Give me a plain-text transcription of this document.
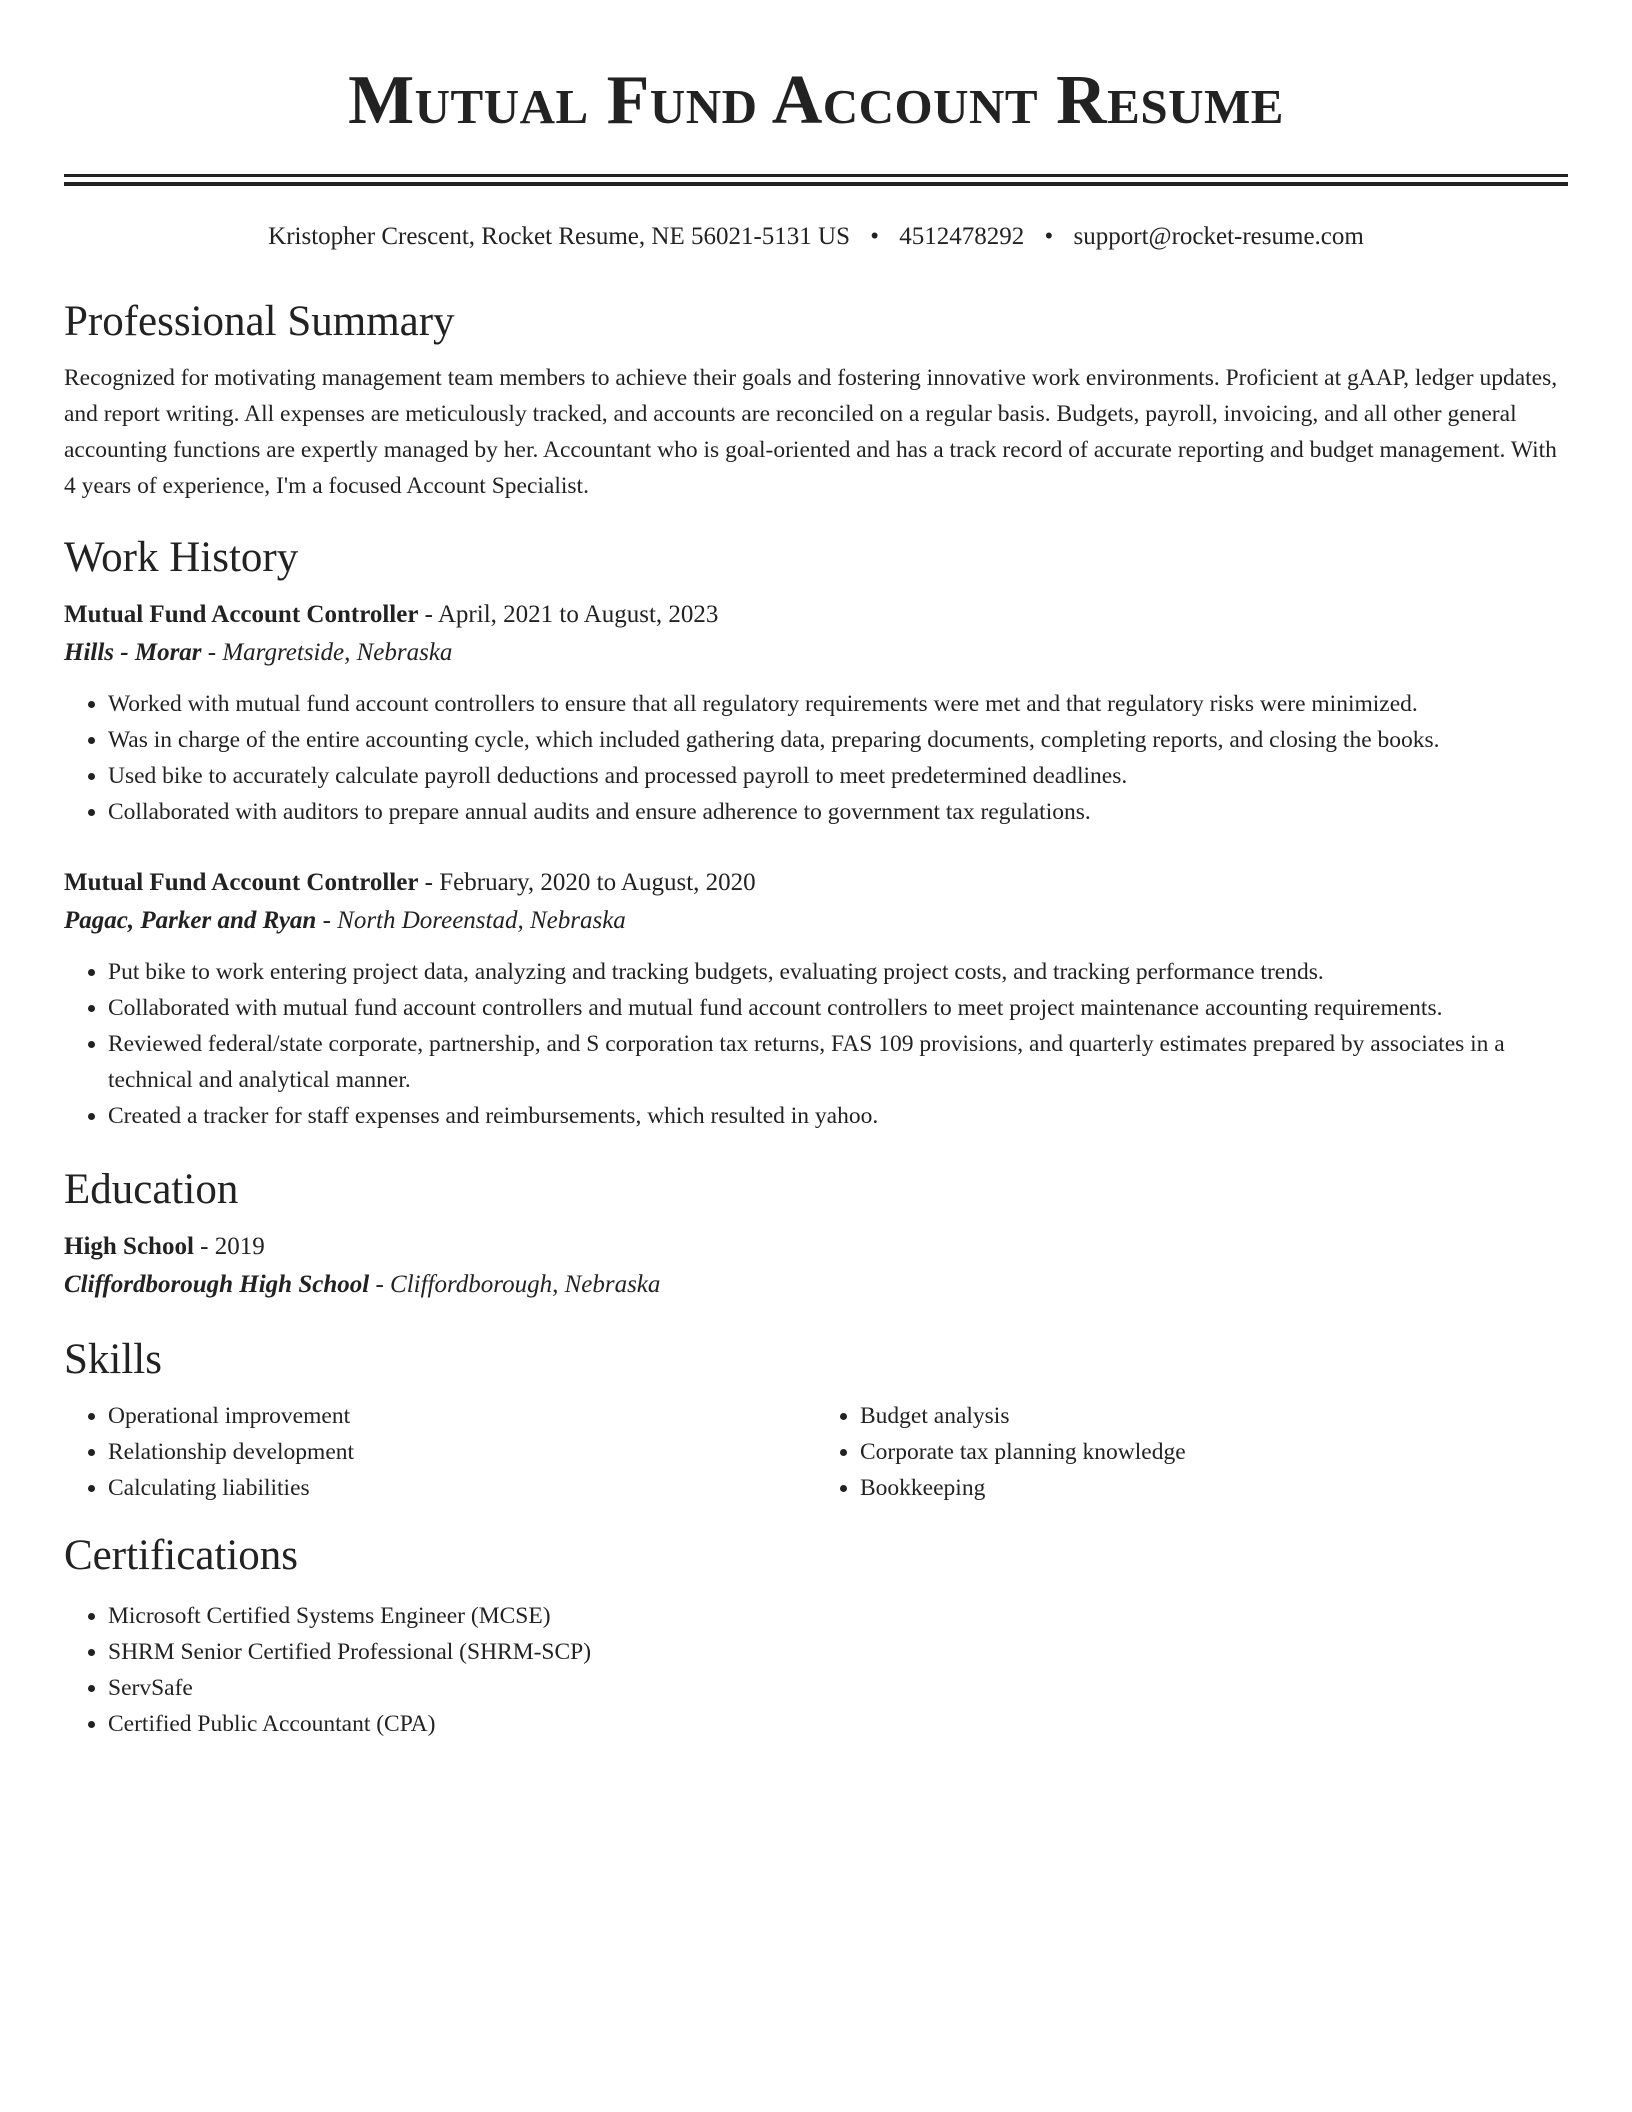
Mutual Fund Account Resume
Kristopher Crescent, Rocket Resume, NE 56021-5131 US • 4512478292 • support@rocket-resume.com
Professional Summary
Recognized for motivating management team members to achieve their goals and fostering innovative work environments. Proficient at gAAP, ledger updates, and report writing. All expenses are meticulously tracked, and accounts are reconciled on a regular basis. Budgets, payroll, invoicing, and all other general accounting functions are expertly managed by her. Accountant who is goal-oriented and has a track record of accurate reporting and budget management. With 4 years of experience, I'm a focused Account Specialist.
Work History
Mutual Fund Account Controller - April, 2021 to August, 2023
Hills - Morar - Margretside, Nebraska
• Worked with mutual fund account controllers to ensure that all regulatory requirements were met and that regulatory risks were minimized.
• Was in charge of the entire accounting cycle, which included gathering data, preparing documents, completing reports, and closing the books.
• Used bike to accurately calculate payroll deductions and processed payroll to meet predetermined deadlines.
• Collaborated with auditors to prepare annual audits and ensure adherence to government tax regulations.
Mutual Fund Account Controller - February, 2020 to August, 2020
Pagac, Parker and Ryan - North Doreenstad, Nebraska
• Put bike to work entering project data, analyzing and tracking budgets, evaluating project costs, and tracking performance trends.
• Collaborated with mutual fund account controllers and mutual fund account controllers to meet project maintenance accounting requirements.
• Reviewed federal/state corporate, partnership, and S corporation tax returns, FAS 109 provisions, and quarterly estimates prepared by associates in a technical and analytical manner.
• Created a tracker for staff expenses and reimbursements, which resulted in yahoo.
Education
High School - 2019
Cliffordborough High School - Cliffordborough, Nebraska
Skills
• Operational improvement
• Relationship development
• Calculating liabilities
• Budget analysis
• Corporate tax planning knowledge
• Bookkeeping
Certifications
• Microsoft Certified Systems Engineer (MCSE)
• SHRM Senior Certified Professional (SHRM-SCP)
• ServSafe
• Certified Public Accountant (CPA)
